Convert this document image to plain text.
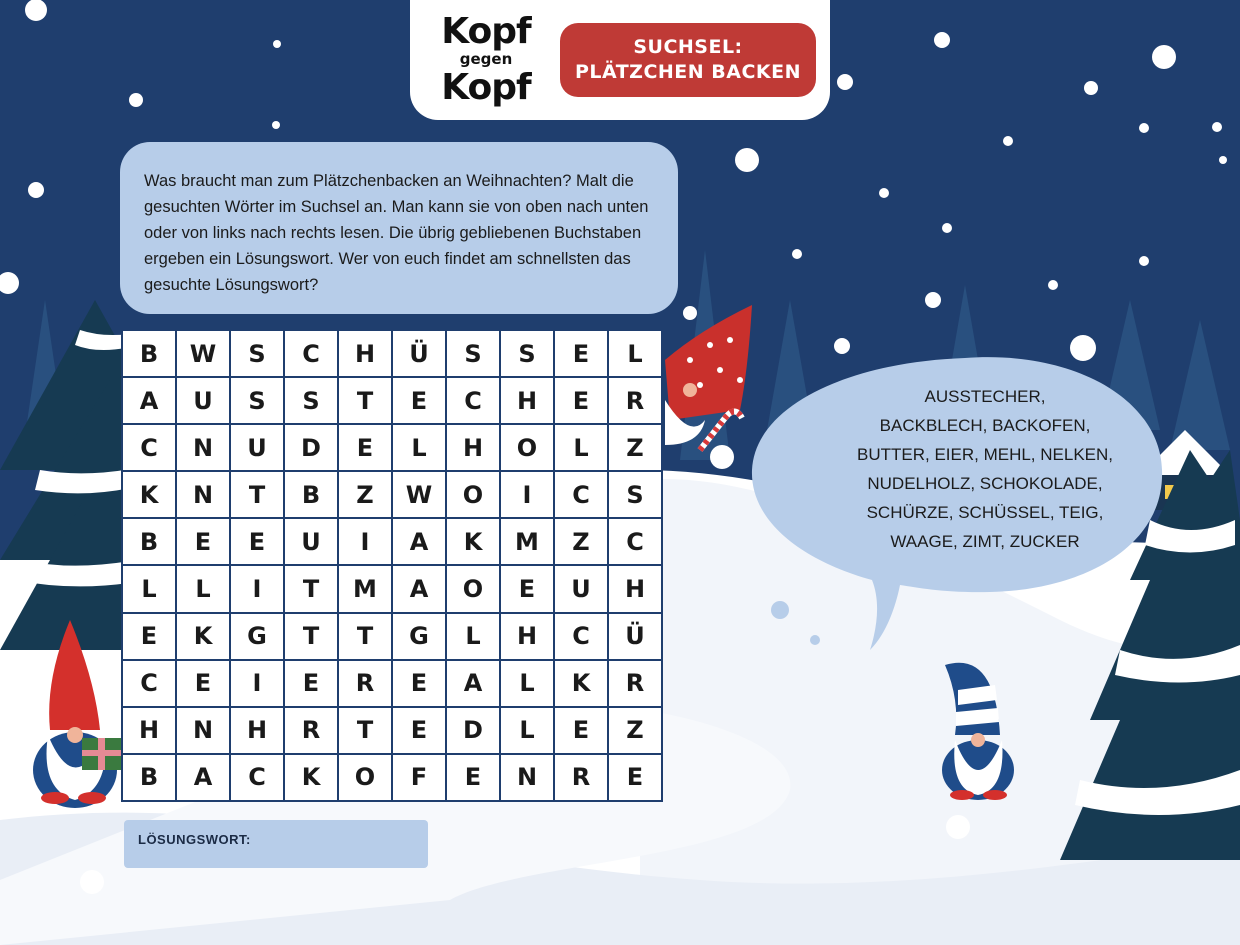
Kopf
gegen
Kopf
SUCHSEL:
PLÄTZCHEN BACKEN
Was braucht man zum Plätzchenbacken an Weihnachten? Malt die gesuchten Wörter im Suchsel an. Man kann sie von oben nach unten oder von links nach rechts lesen. Die übrig gebliebenen Buchstaben ergeben ein Lösungswort. Wer von euch findet am schnellsten das gesuchte Lösungswort?
B	W	S	C	H	Ü	S	S	E	L
A	U	S	S	T	E	C	H	E	R
C	N	U	D	E	L	H	O	L	Z
K	N	T	B	Z	W	O	I	C	S
B	E	E	U	I	A	K	M	Z	C
L	L	I	T	M	A	O	E	U	H
E	K	G	T	T	G	L	H	C	Ü
C	E	I	E	R	E	A	L	K	R
H	N	H	R	T	E	D	L	E	Z
B	A	C	K	O	F	E	N	R	E
AUSSTECHER,
BACKBLECH, BACKOFEN,
BUTTER, EIER, MEHL, NELKEN,
NUDELHOLZ, SCHOKOLADE,
SCHÜRZE, SCHÜSSEL, TEIG,
WAAGE, ZIMT, ZUCKER
LÖSUNGSWORT:
